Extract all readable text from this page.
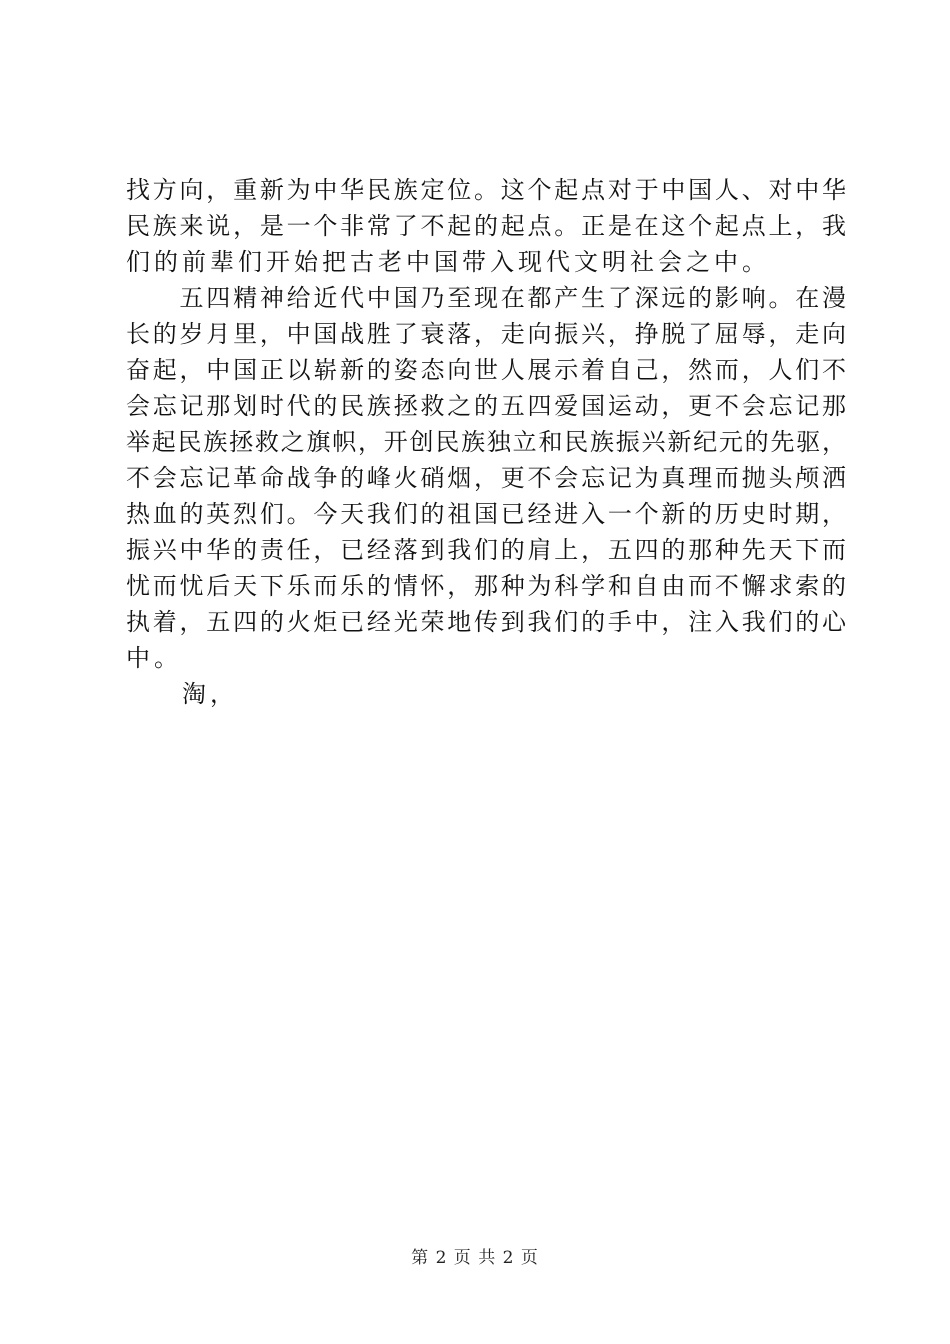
找方向，重新为中华民族定位。这个起点对于中国人、对中华
民族来说，是一个非常了不起的起点。正是在这个起点上，我
们的前辈们开始把古老中国带入现代文明社会之中。
　　五四精神给近代中国乃至现在都产生了深远的影响。在漫
长的岁月里，中国战胜了衰落，走向振兴，挣脱了屈辱，走向
奋起，中国正以崭新的姿态向世人展示着自己，然而，人们不
会忘记那划时代的民族拯救之的五四爱国运动，更不会忘记那
举起民族拯救之旗帜，开创民族独立和民族振兴新纪元的先驱，
不会忘记革命战争的峰火硝烟，更不会忘记为真理而抛头颅洒
热血的英烈们。今天我们的祖国已经进入一个新的历史时期，
振兴中华的责任，已经落到我们的肩上，五四的那种先天下而
忧而忧后天下乐而乐的情怀，那种为科学和自由而不懈求索的
执着，五四的火炬已经光荣地传到我们的手中，注入我们的心
中。
　　淘，
第 2 页 共 2 页
